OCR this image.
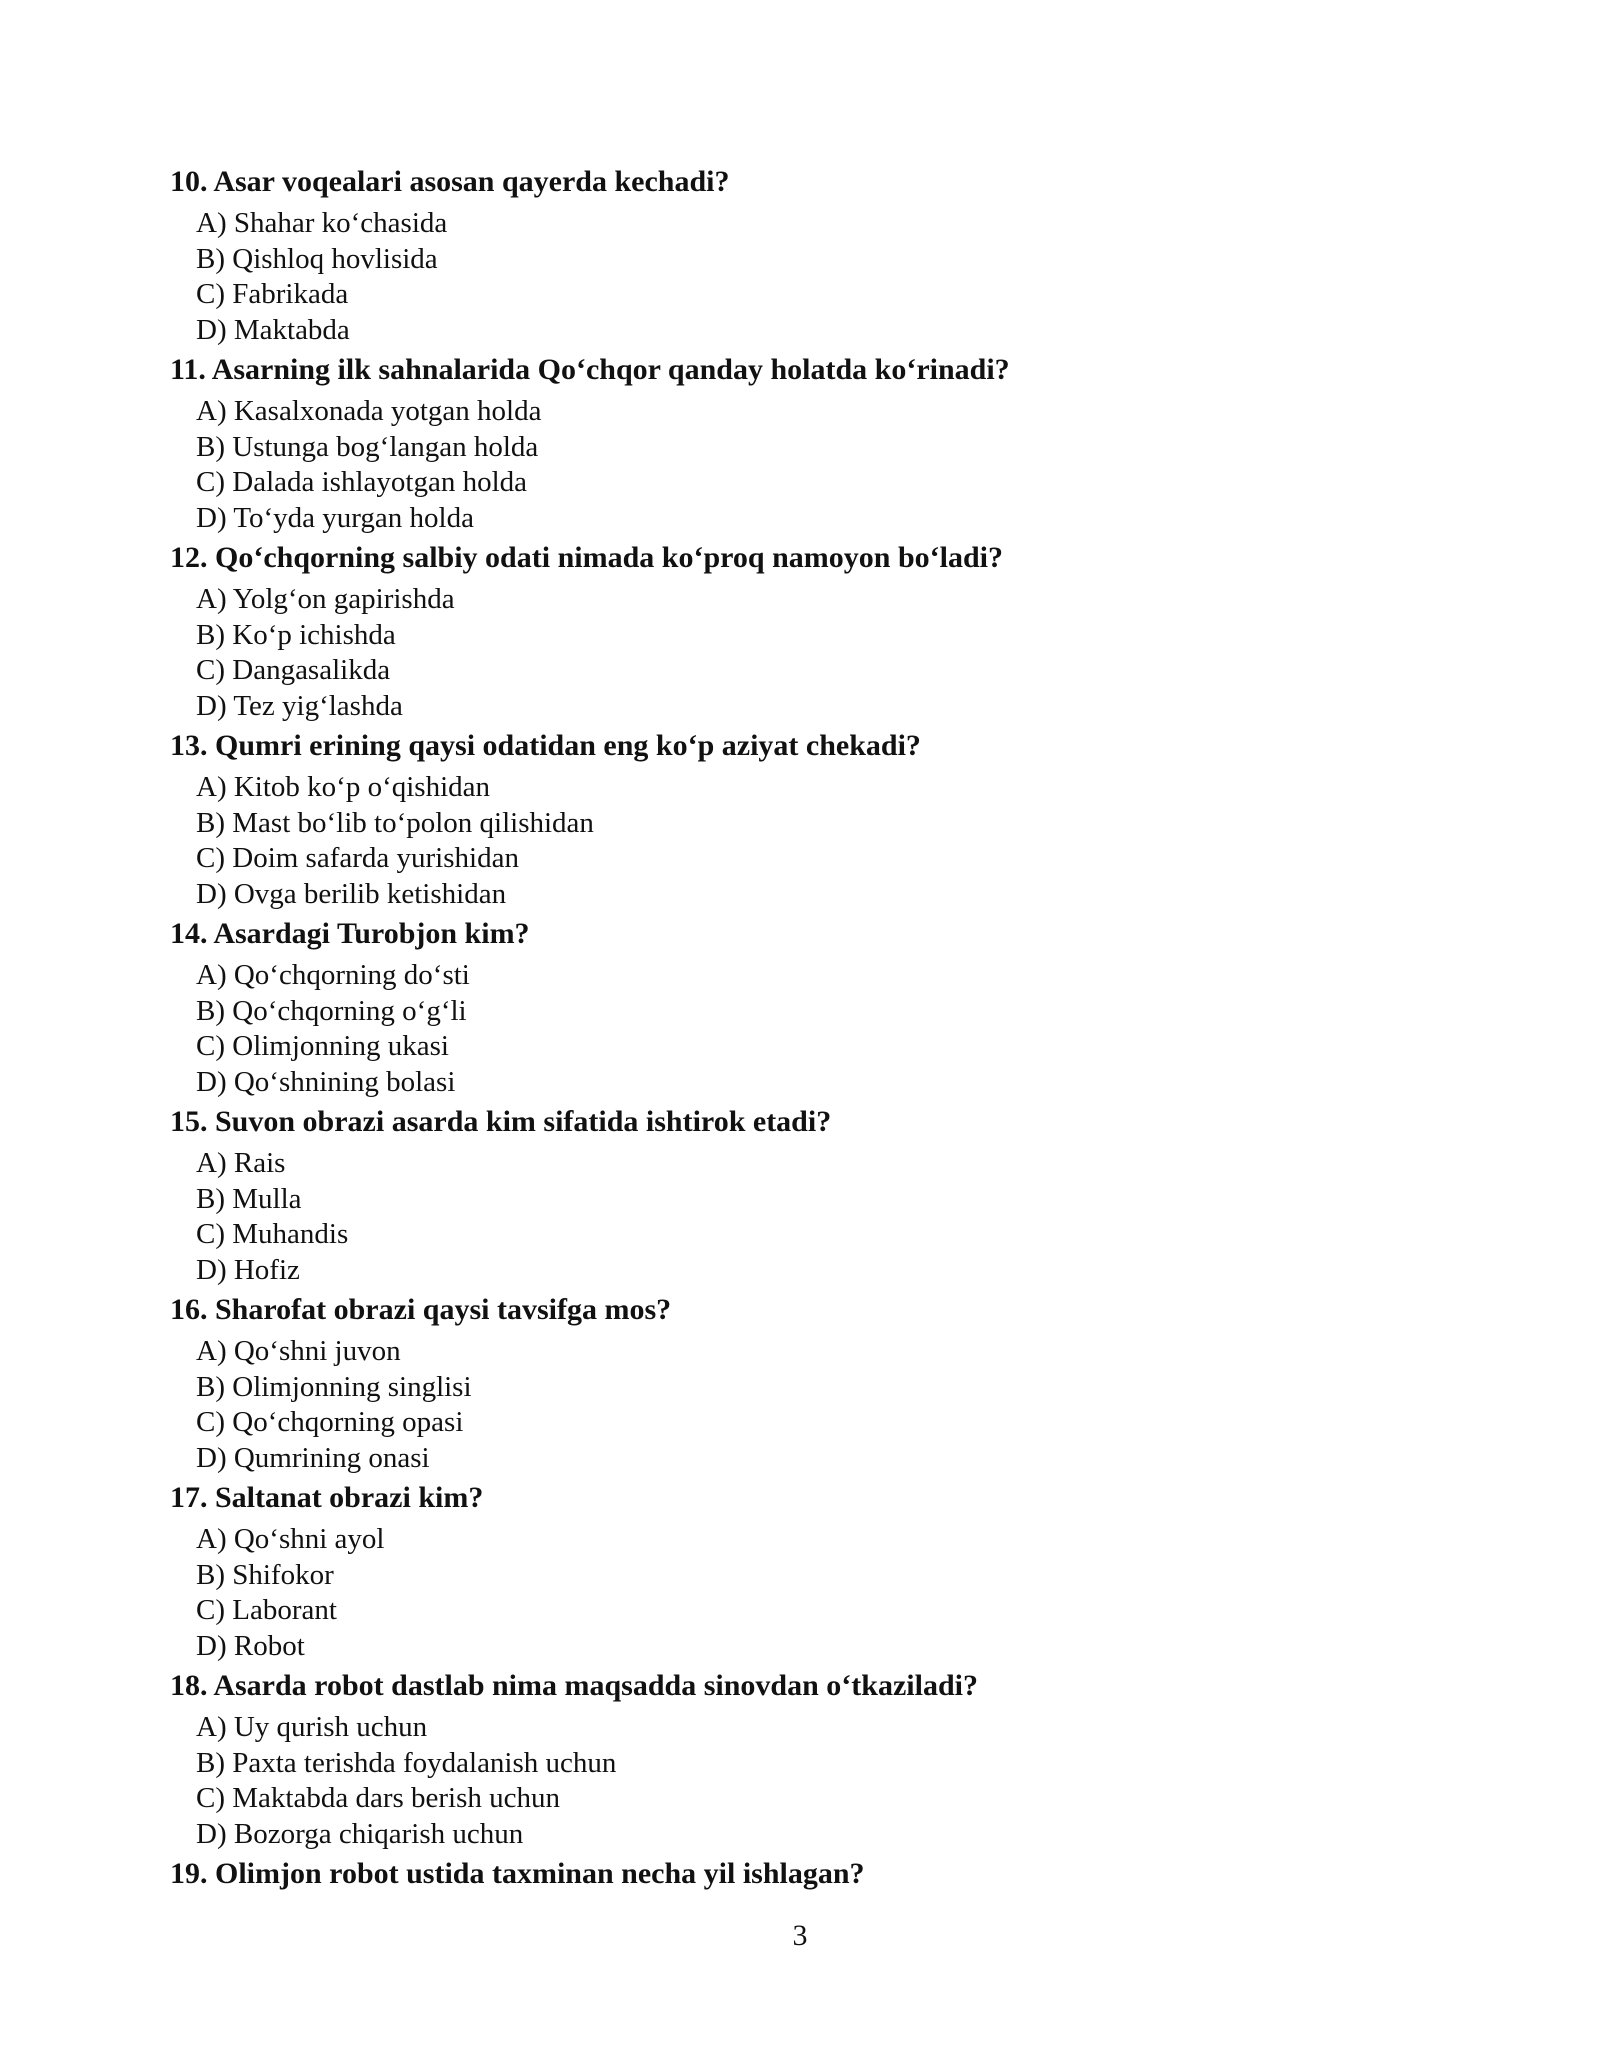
10. Asar voqealari asosan qayerda kechadi?
A) Shahar ko‘chasida
B) Qishloq hovlisida
C) Fabrikada
D) Maktabda
11. Asarning ilk sahnalarida Qo‘chqor qanday holatda ko‘rinadi?
A) Kasalxonada yotgan holda
B) Ustunga bog‘langan holda
C) Dalada ishlayotgan holda
D) To‘yda yurgan holda
12. Qo‘chqorning salbiy odati nimada ko‘proq namoyon bo‘ladi?
A) Yolg‘on gapirishda
B) Ko‘p ichishda
C) Dangasalikda
D) Tez yig‘lashda
13. Qumri erining qaysi odatidan eng ko‘p aziyat chekadi?
A) Kitob ko‘p o‘qishidan
B) Mast bo‘lib to‘polon qilishidan
C) Doim safarda yurishidan
D) Ovga berilib ketishidan
14. Asardagi Turobjon kim?
A) Qo‘chqorning do‘sti
B) Qo‘chqorning o‘g‘li
C) Olimjonning ukasi
D) Qo‘shnining bolasi
15. Suvon obrazi asarda kim sifatida ishtirok etadi?
A) Rais
B) Mulla
C) Muhandis
D) Hofiz
16. Sharofat obrazi qaysi tavsifga mos?
A) Qo‘shni juvon
B) Olimjonning singlisi
C) Qo‘chqorning opasi
D) Qumrining onasi
17. Saltanat obrazi kim?
A) Qo‘shni ayol
B) Shifokor
C) Laborant
D) Robot
18. Asarda robot dastlab nima maqsadda sinovdan o‘tkaziladi?
A) Uy qurish uchun
B) Paxta terishda foydalanish uchun
C) Maktabda dars berish uchun
D) Bozorga chiqarish uchun
19. Olimjon robot ustida taxminan necha yil ishlagan?
3
